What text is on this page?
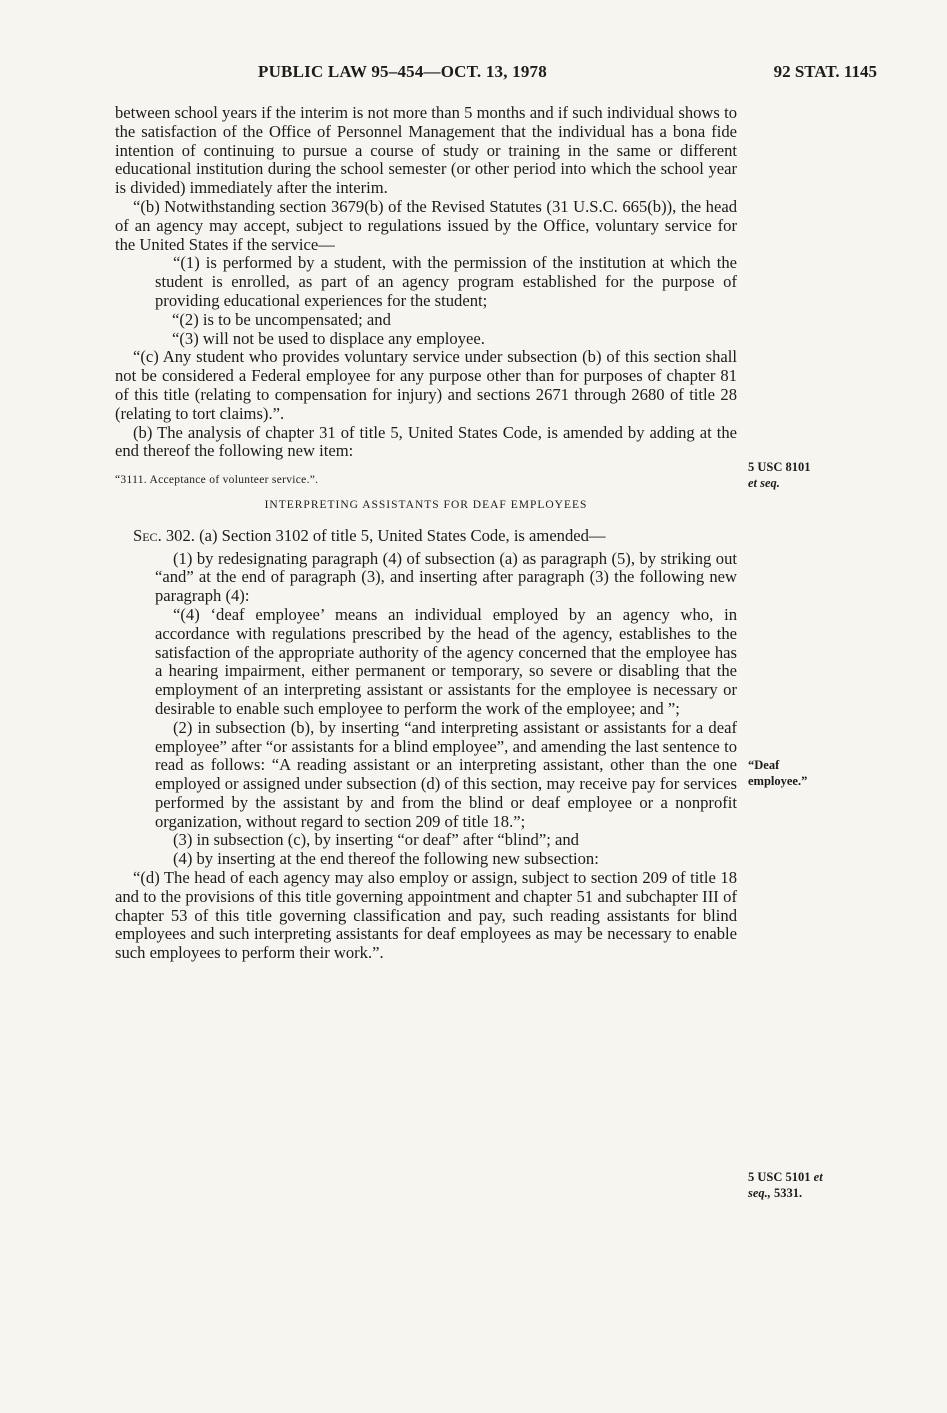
PUBLIC LAW 95–454—OCT. 13, 1978	92 STAT. 1145

between school years if the interim is not more than 5 months and if such individual shows to the satisfaction of the Office of Personnel Management that the individual has a bona fide intention of continuing to pursue a course of study or training in the same or different educational institution during the school semester (or other period into which the school year is divided) immediately after the interim.

“(b) Notwithstanding section 3679(b) of the Revised Statutes (31 U.S.C. 665(b)), the head of an agency may accept, subject to regulations issued by the Office, voluntary service for the United States if the service—

“(1) is performed by a student, with the permission of the institution at which the student is enrolled, as part of an agency program established for the purpose of providing educational experiences for the student;

“(2) is to be uncompensated; and

“(3) will not be used to displace any employee.

“(c) Any student who provides voluntary service under subsection (b) of this section shall not be considered a Federal employee for any purpose other than for purposes of chapter 81 of this title (relating to compensation for injury) and sections 2671 through 2680 of title 28 (relating to tort claims).”.

(b) The analysis of chapter 31 of title 5, United States Code, is amended by adding at the end thereof the following new item:

“3111. Acceptance of volunteer service.”.

INTERPRETING ASSISTANTS FOR DEAF EMPLOYEES

Sec. 302. (a) Section 3102 of title 5, United States Code, is amended—

(1) by redesignating paragraph (4) of subsection (a) as paragraph (5), by striking out “and” at the end of paragraph (3), and inserting after paragraph (3) the following new paragraph (4):

“(4) ‘deaf employee’ means an individual employed by an agency who, in accordance with regulations prescribed by the head of the agency, establishes to the satisfaction of the appropriate authority of the agency concerned that the employee has a hearing impairment, either permanent or temporary, so severe or disabling that the employment of an interpreting assistant or assistants for the employee is necessary or desirable to enable such employee to perform the work of the employee; and ”;

(2) in subsection (b), by inserting “and interpreting assistant or assistants for a deaf employee” after “or assistants for a blind employee”, and amending the last sentence to read as follows: “A reading assistant or an interpreting assistant, other than the one employed or assigned under subsection (d) of this section, may receive pay for services performed by the assistant by and from the blind or deaf employee or a nonprofit organization, without regard to section 209 of title 18.”;

(3) in subsection (c), by inserting “or deaf” after “blind”; and

(4) by inserting at the end thereof the following new subsection:

“(d) The head of each agency may also employ or assign, subject to section 209 of title 18 and to the provisions of this title governing appointment and chapter 51 and subchapter III of chapter 53 of this title governing classification and pay, such reading assistants for blind employees and such interpreting assistants for deaf employees as may be necessary to enable such employees to perform their work.”.

5 USC 8101
et seq.
“Deaf
employee.”
5 USC 5101 et
seq., 5331.
